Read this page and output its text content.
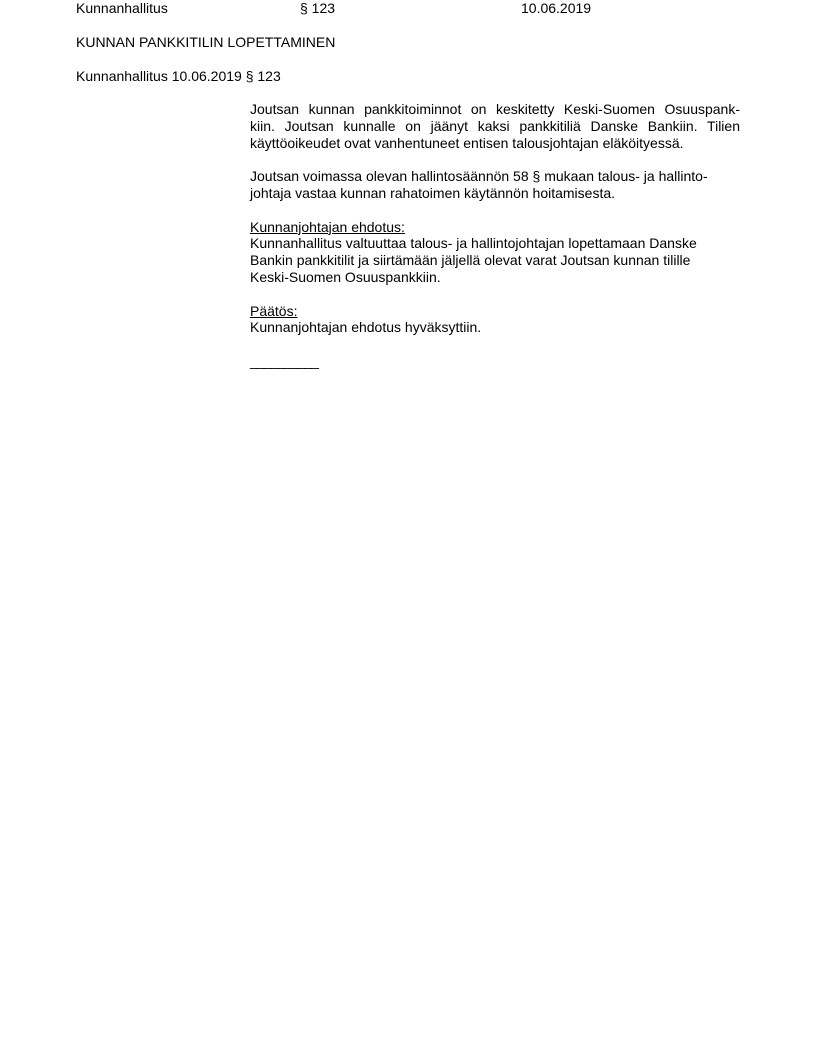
Kunnanhallitus	§ 123	10.06.2019
KUNNAN PANKKITILIN LOPETTAMINEN
Kunnanhallitus 10.06.2019 § 123
Joutsan kunnan pankkitoiminnot on keskitetty Keski-Suomen Osuuspank-
kiin. Joutsan kunnalle on jäänyt kaksi pankkitiliä Danske Bankiin. Tilien
käyttöoikeudet ovat vanhentuneet entisen talousjohtajan eläköityessä.
Joutsan voimassa olevan hallintosäännön 58 § mukaan talous- ja hallinto-
johtaja vastaa kunnan rahatoimen käytännön hoitamisesta.
Kunnanjohtajan ehdotus:
Kunnanhallitus valtuuttaa talous- ja hallintojohtajan lopettamaan Danske
Bankin pankkitilit ja siirtämään jäljellä olevat varat Joutsan kunnan tilille
Keski-Suomen Osuuspankkiin.
Päätös:
Kunnanjohtajan ehdotus hyväksyttiin.
__________
